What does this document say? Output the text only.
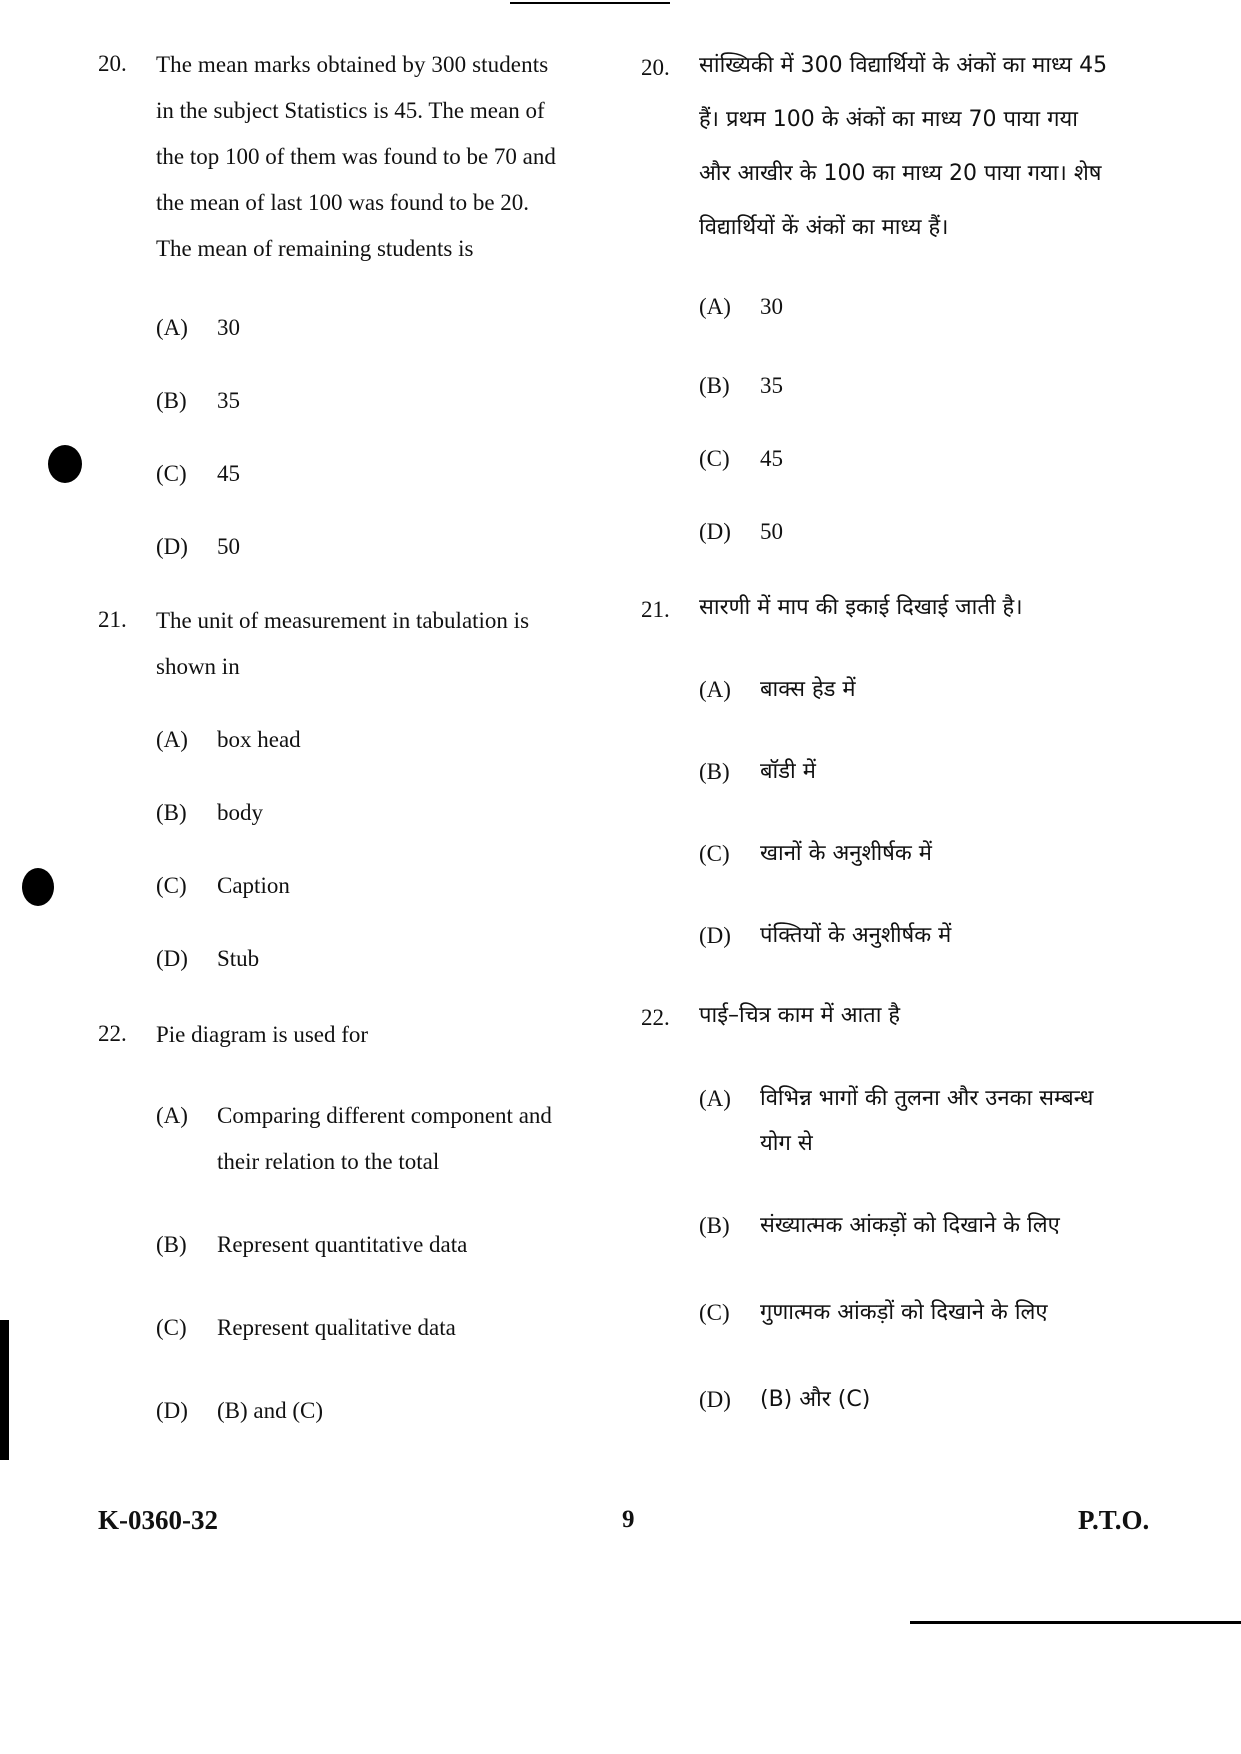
20. The mean marks obtained by 300 students
in the subject Statistics is 45. The mean of
the top 100 of them was found to be 70 and
the mean of last 100 was found to be 20.
The mean of remaining students is
(A) 30
(B) 35
(C) 45
(D) 50
21. The unit of measurement in tabulation is
shown in
(A) box head
(B) body
(C) Caption
(D) Stub
22. Pie diagram is used for
(A) Comparing different component and
their relation to the total
(B) Represent quantitative data
(C) Represent qualitative data
(D) (B) and (C)
20. सांख्यिकी में 300 विद्यार्थियों के अंकों का माध्य 45
हैं। प्रथम 100 के अंकों का माध्य 70 पाया गया
और आखीर के 100 का माध्य 20 पाया गया। शेष
विद्यार्थियों कें अंकों का माध्य हैं।
(A) 30
(B) 35
(C) 45
(D) 50
21. सारणी में माप की इकाई दिखाई जाती है।
(A) बाक्स हेड में
(B) बॉडी में
(C) खानों के अनुशीर्षक में
(D) पंक्तियों के अनुशीर्षक में
22. पाई–चित्र काम में आता है
(A) विभिन्न भागों की तुलना और उनका सम्बन्ध
योग से
(B) संख्यात्मक आंकड़ों को दिखाने के लिए
(C) गुणात्मक आंकड़ों को दिखाने के लिए
(D) (B) और (C)
K-0360-32	9	P.T.O.
